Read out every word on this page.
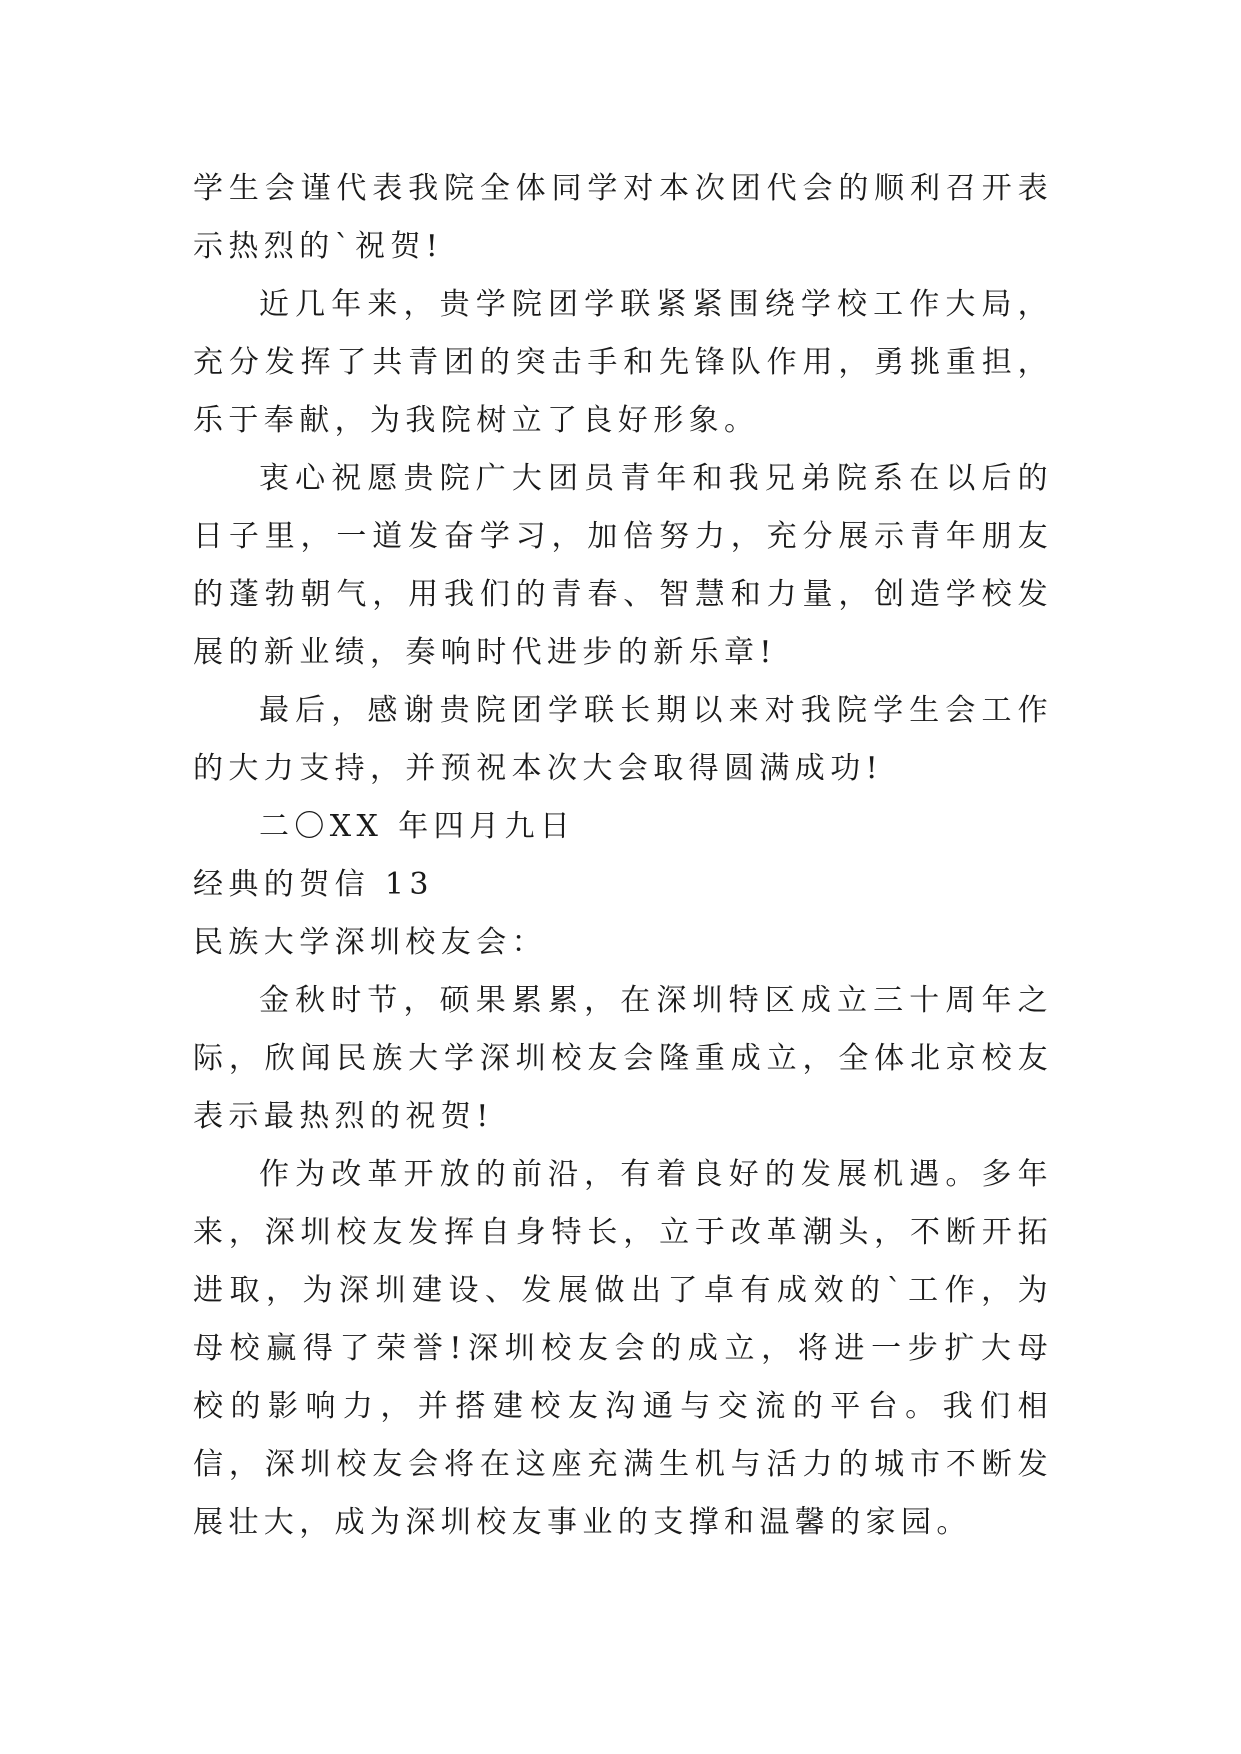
学生会谨代表我院全体同学对本次团代会的顺利召开表示热烈的`祝贺!

近几年来，贵学院团学联紧紧围绕学校工作大局，充分发挥了共青团的突击手和先锋队作用，勇挑重担，乐于奉献，为我院树立了良好形象。

衷心祝愿贵院广大团员青年和我兄弟院系在以后的日子里，一道发奋学习，加倍努力，充分展示青年朋友的蓬勃朝气，用我们的青春、智慧和力量，创造学校发展的新业绩，奏响时代进步的新乐章!

最后，感谢贵院团学联长期以来对我院学生会工作的大力支持，并预祝本次大会取得圆满成功!

二〇XX 年四月九日

经典的贺信 13

民族大学深圳校友会：

金秋时节，硕果累累，在深圳特区成立三十周年之际，欣闻民族大学深圳校友会隆重成立，全体北京校友表示最热烈的祝贺!

作为改革开放的前沿，有着良好的发展机遇。多年来，深圳校友发挥自身特长，立于改革潮头，不断开拓进取，为深圳建设、发展做出了卓有成效的`工作，为母校赢得了荣誉!深圳校友会的成立，将进一步扩大母校的影响力，并搭建校友沟通与交流的平台。我们相信，深圳校友会将在这座充满生机与活力的城市不断发展壮大，成为深圳校友事业的支撑和温馨的家园。
